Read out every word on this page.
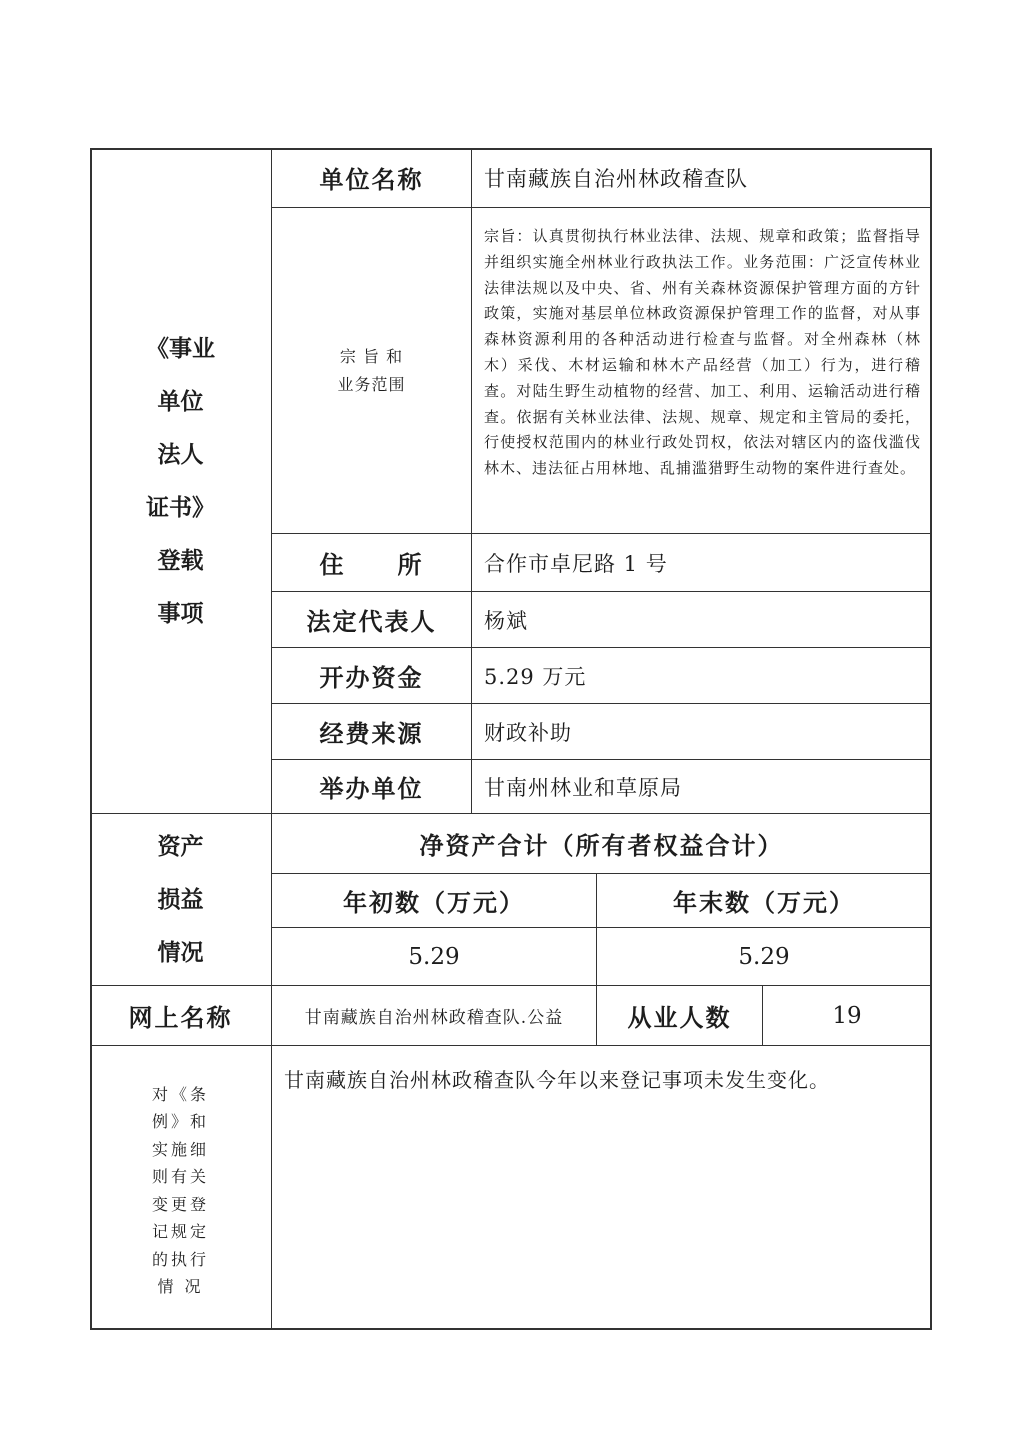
《事业
单位
法人
证书》
登载
事项
单位名称	甘南藏族自治州林政稽查队
宗 旨 和
业务范围
宗旨：认真贯彻执行林业法律、法规、规章和政策；监督指导并组织实施全州林业行政执法工作。业务范围：广泛宣传林业法律法规以及中央、省、州有关森林资源保护管理方面的方针政策，实施对基层单位林政资源保护管理工作的监督，对从事森林资源利用的各种活动进行检查与监督。对全州森林（林木）采伐、木材运输和林木产品经营（加工）行为，进行稽查。对陆生野生动植物的经营、加工、利用、运输活动进行稽查。依据有关林业法律、法规、规章、规定和主管局的委托，行使授权范围内的林业行政处罚权，依法对辖区内的盗伐滥伐林木、违法征占用林地、乱捕滥猎野生动物的案件进行查处。
住　　所	合作市卓尼路 1 号
法定代表人	杨斌
开办资金	5.29 万元
经费来源	财政补助
举办单位	甘南州林业和草原局
资产
损益
情况
净资产合计（所有者权益合计）
年初数（万元）	年末数（万元）
5.29	5.29
网上名称	甘南藏族自治州林政稽查队.公益	从业人数	19
对《条
例》和
实施细
则有关
变更登
记规定
的执行
情 况
甘南藏族自治州林政稽查队今年以来登记事项未发生变化。
